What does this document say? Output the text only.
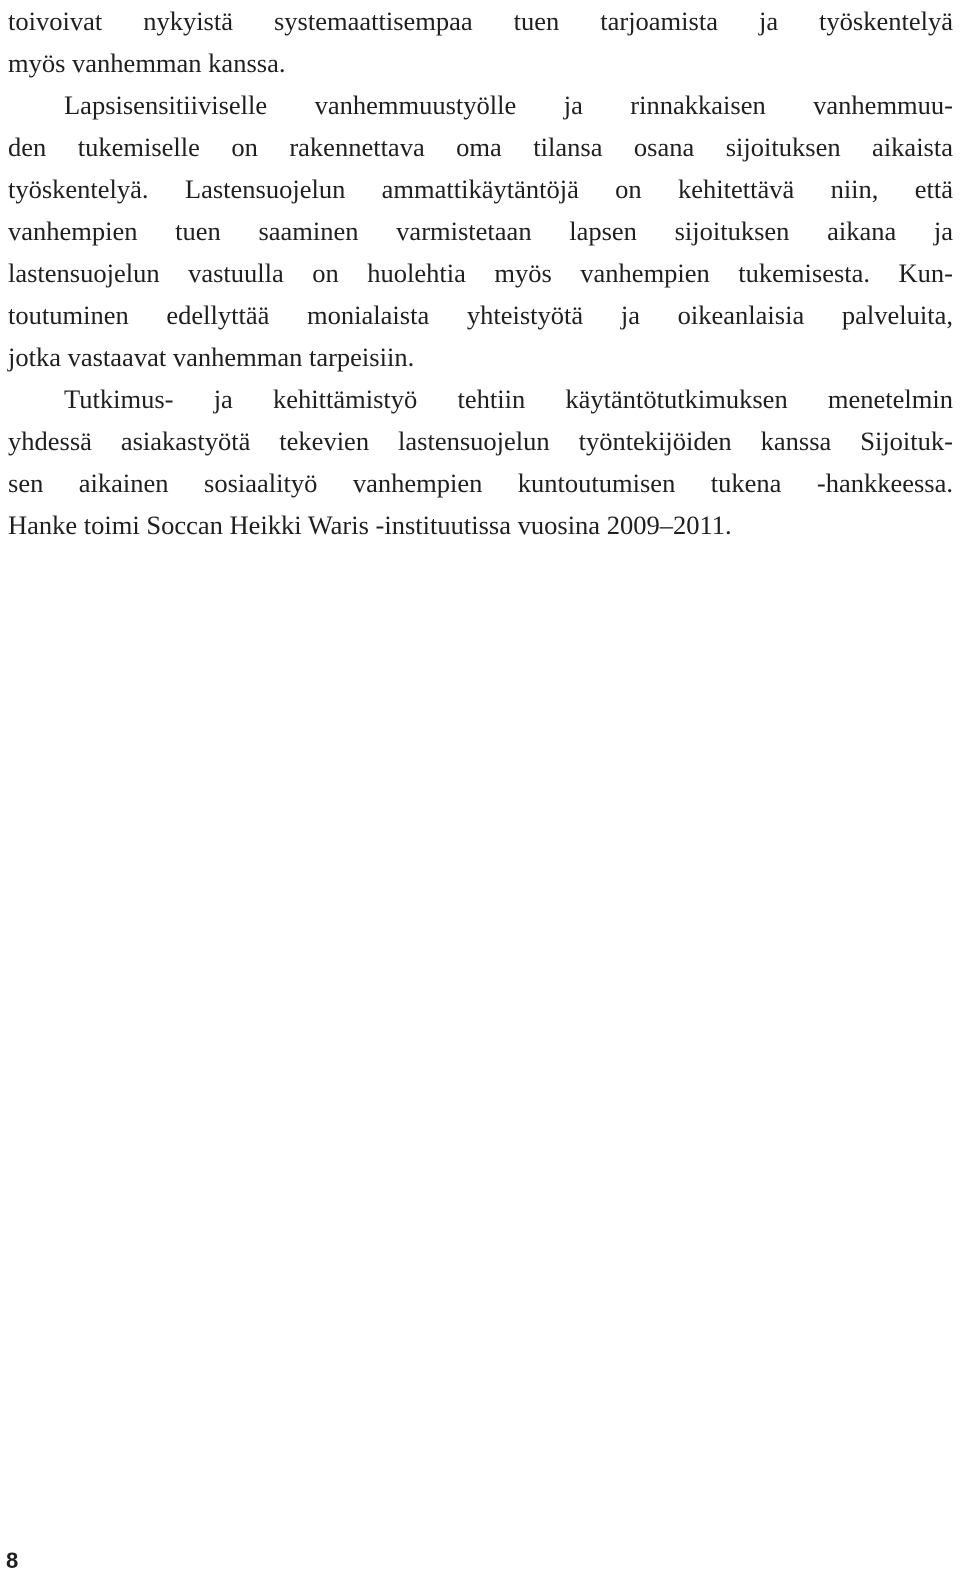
toivoivat nykyistä systemaattisempaa tuen tarjoamista ja työskentelyä
myös vanhemman kanssa.
Lapsisensitiiviselle vanhemmuustyölle ja rinnakkaisen vanhemmuu-
den tukemiselle on rakennettava oma tilansa osana sijoituksen aikaista
työskentelyä. Lastensuojelun ammattikäytäntöjä on kehitettävä niin, että
vanhempien tuen saaminen varmistetaan lapsen sijoituksen aikana ja
lastensuojelun vastuulla on huolehtia myös vanhempien tukemisesta. Kun-
toutuminen edellyttää monialaista yhteistyötä ja oikeanlaisia palveluita,
jotka vastaavat vanhemman tarpeisiin.
Tutkimus- ja kehittämistyö tehtiin käytäntötutkimuksen menetelmin
yhdessä asiakastyötä tekevien lastensuojelun työntekijöiden kanssa Sijoituk-
sen aikainen sosiaalityö vanhempien kuntoutumisen tukena -hankkeessa.
Hanke toimi Soccan Heikki Waris -instituutissa vuosina 2009–2011.
8
